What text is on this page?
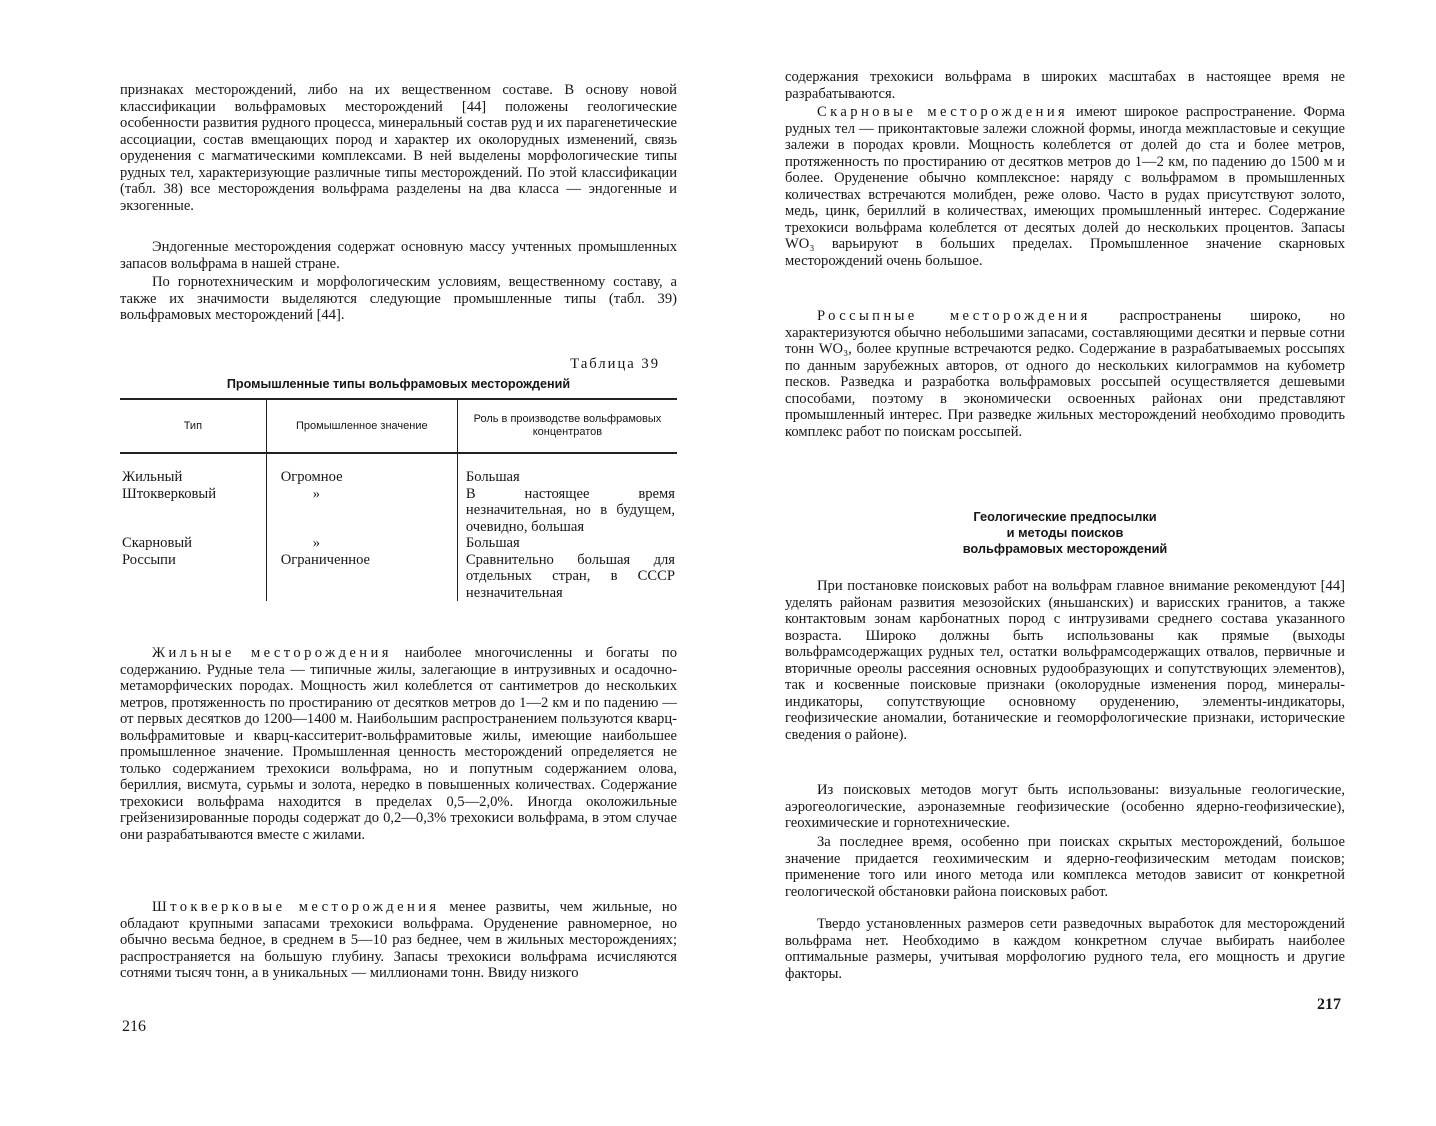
признаках месторождений, либо на их вещественном составе. В основу новой классификации вольфрамовых месторождений [44] положены геологические особенности развития рудного процесса, минеральный состав руд и их парагенетические ассоциации, состав вмещающих пород и характер их околорудных изменений, связь оруденения с магматическими комплексами. В ней выделены морфологические типы рудных тел, характеризующие различные типы месторождений. По этой классификации (табл. 38) все месторождения вольфрама разделены на два класса — эндогенные и экзогенные.

Эндогенные месторождения содержат основную массу учтенных промышленных запасов вольфрама в нашей стране.

По горнотехническим и морфологическим условиям, вещественному составу, а также их значимости выделяются следующие промышленные типы (табл. 39) вольфрамовых месторождений [44].

Таблица 39
Промышленные типы вольфрамовых месторождений
Тип	Промышленное значение	Роль в производстве вольфрамовых концентратов

Жильный	Огромное	Большая
Штокверковый	»	В настоящее время незначительная, но в будущем, очевидно, большая
Скарновый	»	Большая
Россыпи	Ограниченное	Сравнительно большая для отдельных стран, в СССР незначительная

Жильные месторождения наиболее многочисленны и богаты по содержанию. Рудные тела — типичные жилы, залегающие в интрузивных и осадочно-метаморфических породах. Мощность жил колеблется от сантиметров до нескольких метров, протяженность по простиранию от десятков метров до 1—2 км и по падению — от первых десятков до 1200—1400 м. Наибольшим распространением пользуются кварц-вольфрамитовые и кварц-касситерит-вольфрамитовые жилы, имеющие наибольшее промышленное значение. Промышленная ценность месторождений определяется не только содержанием трехокиси вольфрама, но и попутным содержанием олова, бериллия, висмута, сурьмы и золота, нередко в повышенных количествах. Содержание трехокиси вольфрама находится в пределах 0,5—2,0%. Иногда околожильные грейзенизированные породы содержат до 0,2—0,3% трехокиси вольфрама, в этом случае они разрабатываются вместе с жилами.

Штокверковые месторождения менее развиты, чем жильные, но обладают крупными запасами трехокиси вольфрама. Оруденение равномерное, но обычно весьма бедное, в среднем в 5—10 раз беднее, чем в жильных месторождениях; распространяется на большую глубину. Запасы трехокиси вольфрама исчисляются сотнями тысяч тонн, а в уникальных — миллионами тонн. Ввиду низкого

216

содержания трехокиси вольфрама в широких масштабах в настоящее время не разрабатываются.

Скарновые месторождения имеют широкое распространение. Форма рудных тел — приконтактовые залежи сложной формы, иногда межпластовые и секущие залежи в породах кровли. Мощность колеблется от долей до ста и более метров, протяженность по простиранию от десятков метров до 1—2 км, по падению до 1500 м и более. Оруденение обычно комплексное: наряду с вольфрамом в промышленных количествах встречаются молибден, реже олово. Часто в рудах присутствуют золото, медь, цинк, бериллий в количествах, имеющих промышленный интерес. Содержание трехокиси вольфрама колеблется от десятых долей до нескольких процентов. Запасы WO₃ варьируют в больших пределах. Промышленное значение скарновых месторождений очень большое.

Россыпные месторождения распространены широко, но характеризуются обычно небольшими запасами, составляющими десятки и первые сотни тонн WO₃, более крупные встречаются редко. Содержание в разрабатываемых россыпях по данным зарубежных авторов, от одного до нескольких килограммов на кубометр песков. Разведка и разработка вольфрамовых россыпей осуществляется дешевыми способами, поэтому в экономически освоенных районах они представляют промышленный интерес. При разведке жильных месторождений необходимо проводить комплекс работ по поискам россыпей.

Геологические предпосылки
и методы поисков
вольфрамовых месторождений

При постановке поисковых работ на вольфрам главное внимание рекомендуют [44] уделять районам развития мезозойских (яньшанских) и варисских гранитов, а также контактовым зонам карбонатных пород с интрузивами среднего состава указанного возраста. Широко должны быть использованы как прямые (выходы вольфрамсодержащих рудных тел, остатки вольфрамсодержащих отвалов, первичные и вторичные ореолы рассеяния основных рудообразующих и сопутствующих элементов), так и косвенные поисковые признаки (околорудные изменения пород, минералы-индикаторы, сопутствующие основному оруденению, элементы-индикаторы, геофизические аномалии, ботанические и геоморфологические признаки, исторические сведения о районе).

Из поисковых методов могут быть использованы: визуальные геологические, аэрогеологические, аэроназемные геофизические (особенно ядерно-геофизические), геохимические и горнотехнические.

За последнее время, особенно при поисках скрытых месторождений, большое значение придается геохимическим и ядерно-геофизическим методам поисков; применение того или иного метода или комплекса методов зависит от конкретной геологической обстановки района поисковых работ.

Твердо установленных размеров сети разведочных выработок для месторождений вольфрама нет. Необходимо в каждом конкретном случае выбирать наиболее оптимальные размеры, учитывая морфологию рудного тела, его мощность и другие факторы.

217
